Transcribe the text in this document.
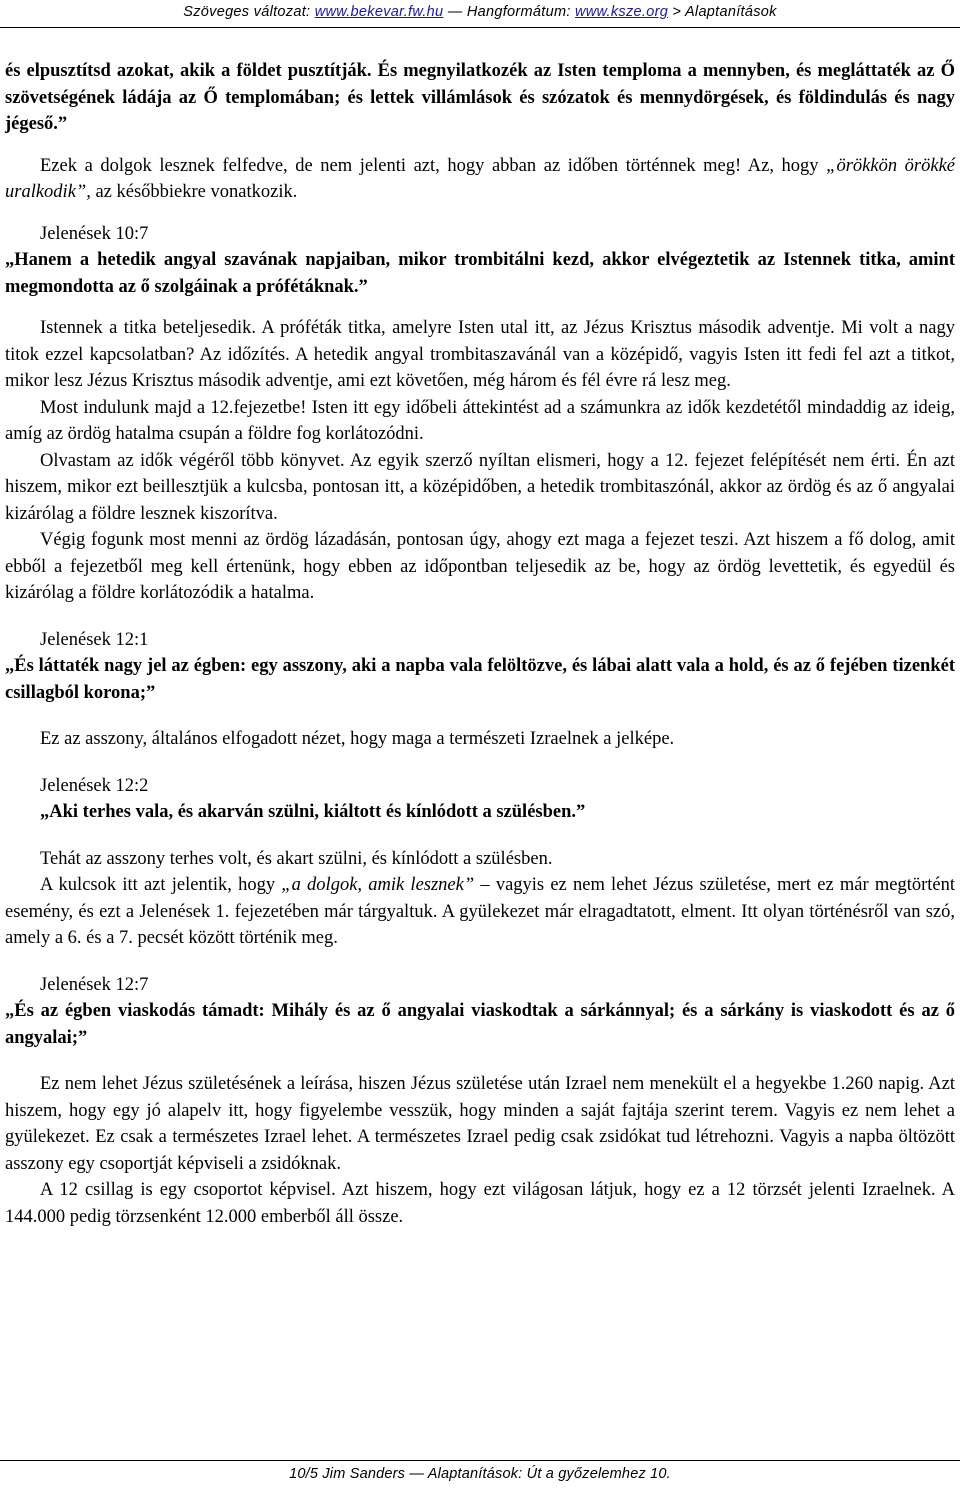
Szöveges változat: www.bekevar.fw.hu — Hangformátum: www.ksze.org > Alaptanítások

és elpusztítsd azokat, akik a földet pusztítják. És megnyilatkozék az Isten temploma a mennyben, és megláttaték az Ő szövetségének ládája az Ő templomában; és lettek villámlások és szózatok és mennydörgések, és földindulás és nagy jégeső.”

Ezek a dolgok lesznek felfedve, de nem jelenti azt, hogy abban az időben történnek meg! Az, hogy „örökkön örökké uralkodik”, az későbbiekre vonatkozik.

Jelenések 10:7

„Hanem a hetedik angyal szavának napjaiban, mikor trombitálni kezd, akkor elvégeztetik az Istennek titka, amint megmondotta az ő szolgáinak a prófétáknak.”

Istennek a titka beteljesedik. A próféták titka, amelyre Isten utal itt, az Jézus Krisztus második adventje. Mi volt a nagy titok ezzel kapcsolatban? Az időzítés. A hetedik angyal trombitaszavánál van a középidő, vagyis Isten itt fedi fel azt a titkot, mikor lesz Jézus Krisztus második adventje, ami ezt követően, még három és fél évre rá lesz meg.

Most indulunk majd a 12.fejezetbe! Isten itt egy időbeli áttekintést ad a számunkra az idők kezdetétől mindaddig az ideig, amíg az ördög hatalma csupán a földre fog korlátozódni.

Olvastam az idők végéről több könyvet. Az egyik szerző nyíltan elismeri, hogy a 12. fejezet felépítését nem érti. Én azt hiszem, mikor ezt beillesztjük a kulcsba, pontosan itt, a középidőben, a hetedik trombitaszónál, akkor az ördög és az ő angyalai kizárólag a földre lesznek kiszorítva.

Végig fogunk most menni az ördög lázadásán, pontosan úgy, ahogy ezt maga a fejezet teszi. Azt hiszem a fő dolog, amit ebből a fejezetből meg kell értenünk, hogy ebben az időpontban teljesedik az be, hogy az ördög levettetik, és egyedül és kizárólag a földre korlátozódik a hatalma.

Jelenések 12:1

„És láttaték nagy jel az égben: egy asszony, aki a napba vala felöltözve, és lábai alatt vala a hold, és az ő fejében tizenkét csillagból korona;”

Ez az asszony, általános elfogadott nézet, hogy maga a természeti Izraelnek a jelképe.

Jelenések 12:2

„Aki terhes vala, és akarván szülni, kiáltott és kínlódott a szülésben.”

Tehát az asszony terhes volt, és akart szülni, és kínlódott a szülésben.

A kulcsok itt azt jelentik, hogy „a dolgok, amik lesznek” – vagyis ez nem lehet Jézus születése, mert ez már megtörtént esemény, és ezt a Jelenések 1. fejezetében már tárgyaltuk. A gyülekezet már elragadtatott, elment. Itt olyan történésről van szó, amely a 6. és a 7. pecsét között történik meg.

Jelenések 12:7

„És az égben viaskodás támadt: Mihály és az ő angyalai viaskodtak a sárkánnyal; és a sárkány is viaskodott és az ő angyalai;”

Ez nem lehet Jézus születésének a leírása, hiszen Jézus születése után Izrael nem menekült el a hegyekbe 1.260 napig. Azt hiszem, hogy egy jó alapelv itt, hogy figyelembe vesszük, hogy minden a saját fajtája szerint terem. Vagyis ez nem lehet a gyülekezet. Ez csak a természetes Izrael lehet. A természetes Izrael pedig csak zsidókat tud létrehozni. Vagyis a napba öltözött asszony egy csoportját képviseli a zsidóknak.

A 12 csillag is egy csoportot képvisel. Azt hiszem, hogy ezt világosan látjuk, hogy ez a 12 törzsét jelenti Izraelnek. A 144.000 pedig törzsenként 12.000 emberből áll össze.

10/5 Jim Sanders — Alaptanítások: Út a győzelemhez 10.
